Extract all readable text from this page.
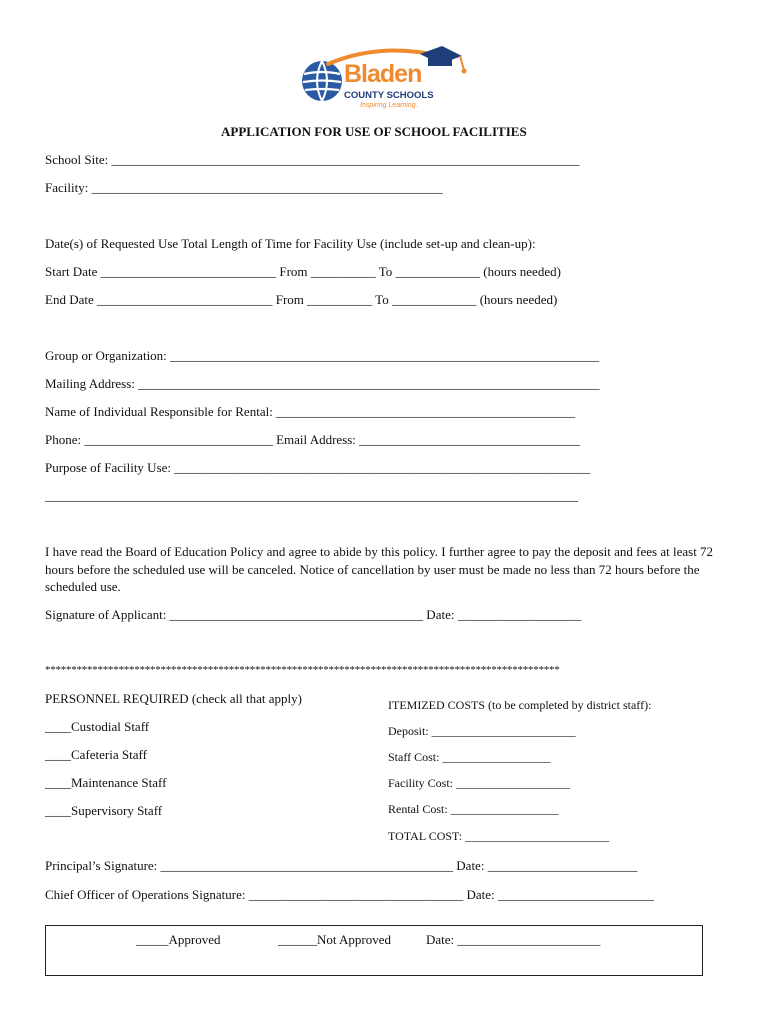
Bladen
COUNTY SCHOOLS
Inspiring Learning.
APPLICATION FOR USE OF SCHOOL FACILITIES
School Site: ________________________________________________________________________
Facility: ______________________________________________________
Date(s) of Requested Use Total Length of Time for Facility Use (include set-up and clean-up):
Start Date ___________________________ From __________ To _____________ (hours needed)
End Date ___________________________ From __________ To _____________ (hours needed)
Group or Organization: __________________________________________________________________
Mailing Address: _______________________________________________________________________
Name of Individual Responsible for Rental: ______________________________________________
Phone: _____________________________ Email Address: __________________________________
Purpose of Facility Use: ________________________________________________________________
__________________________________________________________________________________
I have read the Board of Education Policy and agree to abide by this policy. I further agree to pay the deposit and fees at least 72 hours before the scheduled use will be canceled. Notice of cancellation by user must be made no less than 72 hours before the scheduled use.
Signature of Applicant: _______________________________________ Date: ___________________
**************************************************************************************************
PERSONNEL REQUIRED (check all that apply)
____Custodial Staff
____Cafeteria Staff
____Maintenance Staff
____Supervisory Staff
ITEMIZED COSTS (to be completed by district staff):
Deposit: ________________________
Staff Cost: __________________
Facility Cost: ___________________
Rental Cost: __________________
TOTAL COST: ________________________
Principal’s Signature: _____________________________________________ Date: _______________________
Chief Officer of Operations Signature: _________________________________ Date: ________________________
_____Approved	______Not Approved	Date: ______________________
